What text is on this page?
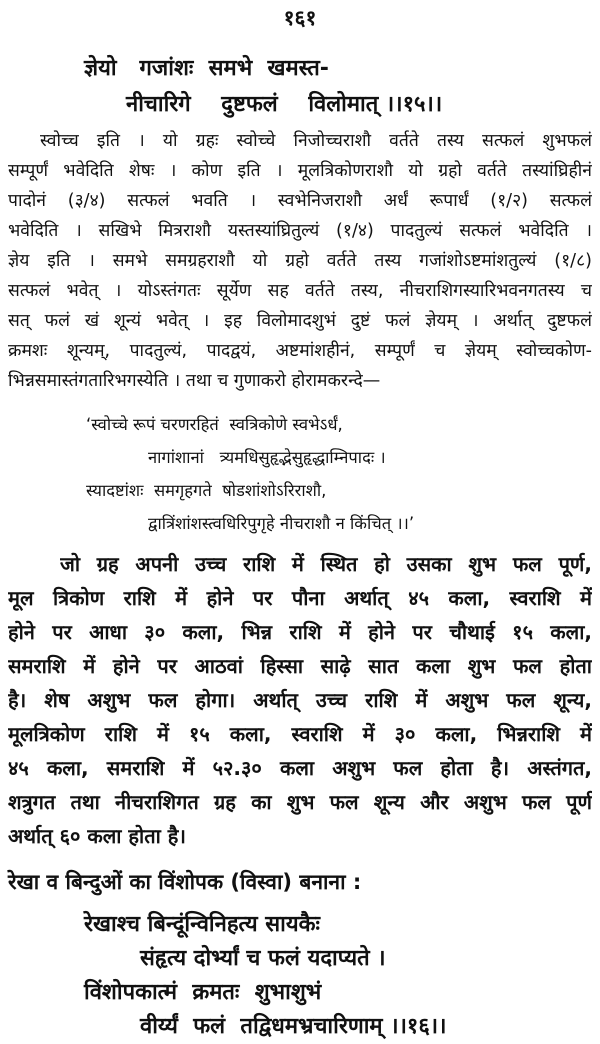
१६१
ज्ञेयो   गजांशः  समभे  खमस्त-
नीचारिगे    दुष्टफलं    विलोमात् ।।१५।।
स्वोच्च इति । यो ग्रहः स्वोच्चे निजोच्चराशौ वर्तते तस्य सत्फलं शुभफलं
सम्पूर्णं भवेदिति शेषः । कोण इति । मूलत्रिकोणराशौ यो ग्रहो वर्तते तस्यांघ्रिहीनं
पादोनं (३/४) सत्फलं भवति । स्वभेनिजराशौ अर्धं रूपार्धं (१/२) सत्फलं
भवेदिति । सखिभे मित्रराशौ यस्तस्यांघ्रितुल्यं (१/४) पादतुल्यं सत्फलं भवेदिति ।
ज्ञेय इति । समभे समग्रहराशौ यो ग्रहो वर्तते तस्य गजांशोऽष्टमांशतुल्यं (१/८)
सत्फलं भवेत् । योऽस्तंगतः सूर्येण सह वर्तते तस्य, नीचराशिगस्यारिभवनगतस्य च
सत् फलं खं शून्यं भवेत् । इह विलोमादशुभं दुष्टं फलं ज्ञेयम् । अर्थात् दुष्टफलं
क्रमशः शून्यम्, पादतुल्यं, पादद्वयं, अष्टमांशहीनं, सम्पूर्णं च ज्ञेयम् स्वोच्चकोण-
भिन्नसमास्तंगतारिभगस्येति । तथा च गुणाकरो होरामकरन्दे—
‘स्वोच्चे रूपं चरणरहितं  स्वत्रिकोणे स्वभेऽर्धं,
नागांशानां   त्र्यमधिसुहृद्भेसुहृद्धाम्निपादः ।
स्यादष्टांशः  समगृहगते  षोडशांशोऽरिराशौ,
द्वात्रिंशांशस्त्वधिरिपुगृहे नीचराशौ न किंचित् ।।’
जो ग्रह अपनी उच्च राशि में स्थित हो उसका शुभ फल पूर्ण,
मूल त्रिकोण राशि में होने पर पौना अर्थात् ४५ कला, स्वराशि में
होने पर आधा ३० कला, भिन्न राशि में होने पर चौथाई १५ कला,
समराशि में होने पर आठवां हिस्सा साढ़े सात कला शुभ फल होता
है। शेष अशुभ फल होगा। अर्थात् उच्च राशि में अशुभ फल शून्य,
मूलत्रिकोण राशि में १५ कला, स्वराशि में ३० कला, भिन्नराशि में
४५ कला, समराशि में ५२.३० कला अशुभ फल होता है। अस्तंगत,
शत्रुगत तथा नीचराशिगत ग्रह का शुभ फल शून्य और अशुभ फल पूर्ण
अर्थात् ६० कला होता है।
रेखा व बिन्दुओं का विंशोपक (विस्वा) बनाना :
रेखाश्च बिन्दूंन्विनिहत्य सायकैः
संहृत्य दोर्भ्यां च फलं यदाप्यते ।
विंशोपकात्मं  क्रमतः  शुभाशुभं
वीर्य्यं  फलं  तद्विधमभ्रचारिणाम् ।।१६।।
